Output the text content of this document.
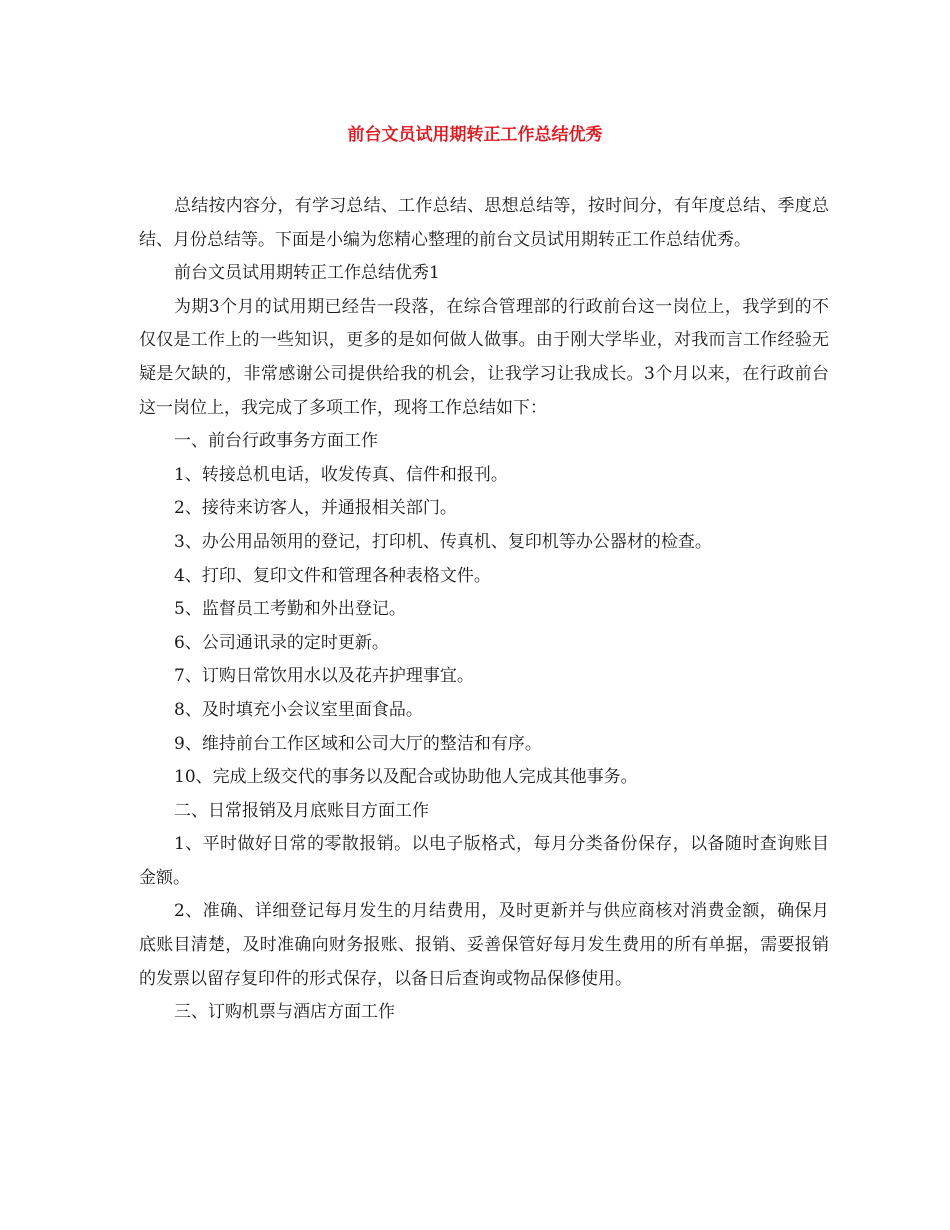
前台文员试用期转正工作总结优秀

总结按内容分，有学习总结、工作总结、思想总结等，按时间分，有年度总结、季度总结、月份总结等。下面是小编为您精心整理的前台文员试用期转正工作总结优秀。

前台文员试用期转正工作总结优秀1

为期3个月的试用期已经告一段落，在综合管理部的行政前台这一岗位上，我学到的不仅仅是工作上的一些知识，更多的是如何做人做事。由于刚大学毕业，对我而言工作经验无疑是欠缺的，非常感谢公司提供给我的机会，让我学习让我成长。3个月以来，在行政前台这一岗位上，我完成了多项工作，现将工作总结如下：

一、前台行政事务方面工作

1、转接总机电话，收发传真、信件和报刊。

2、接待来访客人，并通报相关部门。

3、办公用品领用的登记，打印机、传真机、复印机等办公器材的检查。

4、打印、复印文件和管理各种表格文件。

5、监督员工考勤和外出登记。

6、公司通讯录的定时更新。

7、订购日常饮用水以及花卉护理事宜。

8、及时填充小会议室里面食品。

9、维持前台工作区域和公司大厅的整洁和有序。

10、完成上级交代的事务以及配合或协助他人完成其他事务。

二、日常报销及月底账目方面工作

1、平时做好日常的零散报销。以电子版格式，每月分类备份保存，以备随时查询账目金额。

2、准确、详细登记每月发生的月结费用，及时更新并与供应商核对消费金额，确保月底账目清楚，及时准确向财务报账、报销、妥善保管好每月发生费用的所有单据，需要报销的发票以留存复印件的形式保存，以备日后查询或物品保修使用。

三、订购机票与酒店方面工作
